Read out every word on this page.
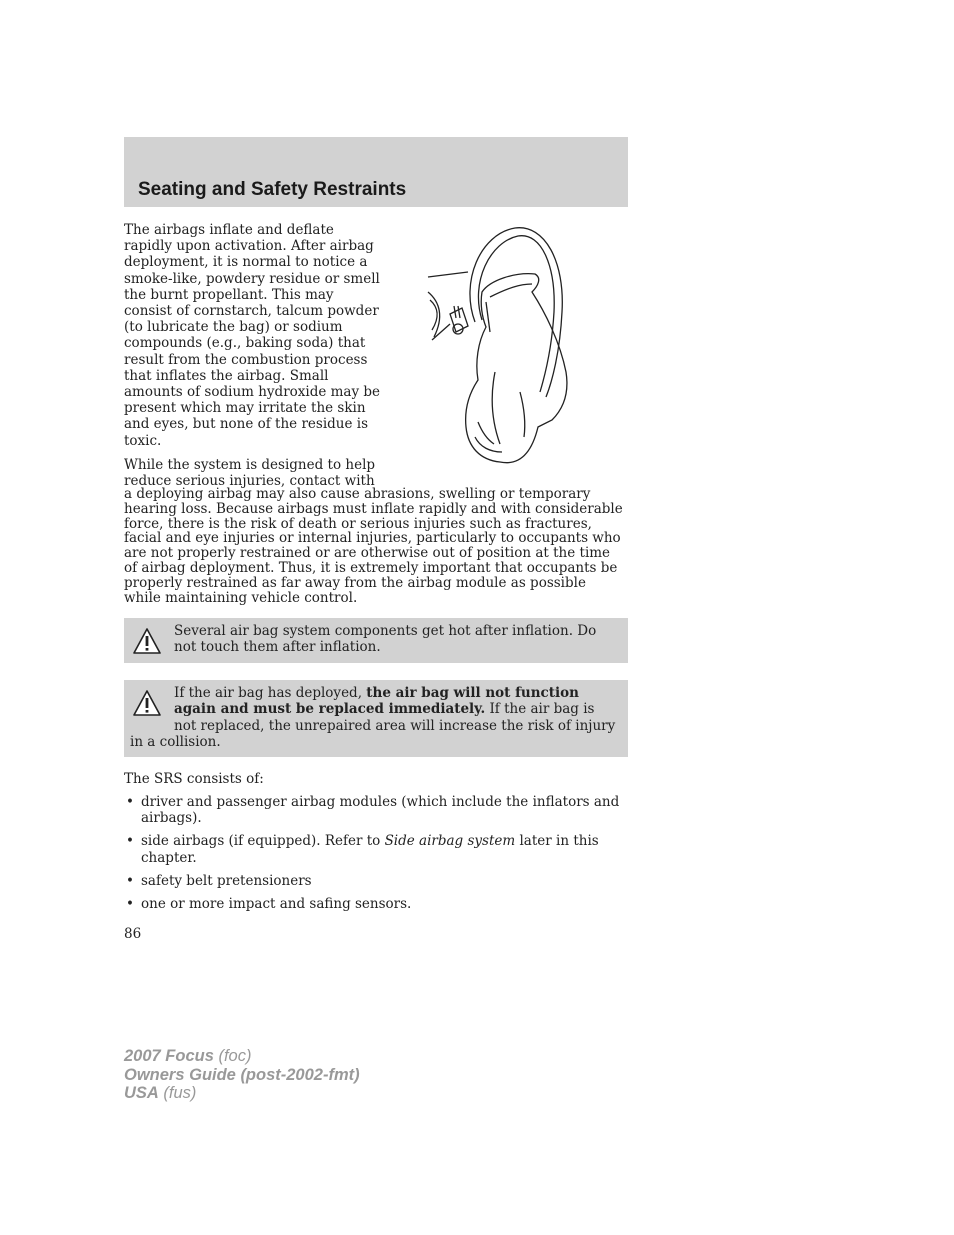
Seating and Safety Restraints
The airbags inflate and deflate rapidly upon activation. After airbag deployment, it is normal to notice a smoke-like, powdery residue or smell the burnt propellant. This may consist of cornstarch, talcum powder (to lubricate the bag) or sodium compounds (e.g., baking soda) that result from the combustion process that inflates the airbag. Small amounts of sodium hydroxide may be present which may irritate the skin and eyes, but none of the residue is toxic.
While the system is designed to help reduce serious injuries, contact with
a deploying airbag may also cause abrasions, swelling or temporary hearing loss. Because airbags must inflate rapidly and with considerable force, there is the risk of death or serious injuries such as fractures, facial and eye injuries or internal injuries, particularly to occupants who are not properly restrained or are otherwise out of position at the time of airbag deployment. Thus, it is extremely important that occupants be properly restrained as far away from the airbag module as possible while maintaining vehicle control.
Several air bag system components get hot after inflation. Do not touch them after inflation.
If the air bag has deployed, the air bag will not function again and must be replaced immediately. If the air bag is not replaced, the unrepaired area will increase the risk of injury in a collision.
The SRS consists of:
• driver and passenger airbag modules (which include the inflators and airbags).
• side airbags (if equipped). Refer to Side airbag system later in this chapter.
• safety belt pretensioners
• one or more impact and safing sensors.
86
2007 Focus (foc)
Owners Guide (post-2002-fmt)
USA (fus)
